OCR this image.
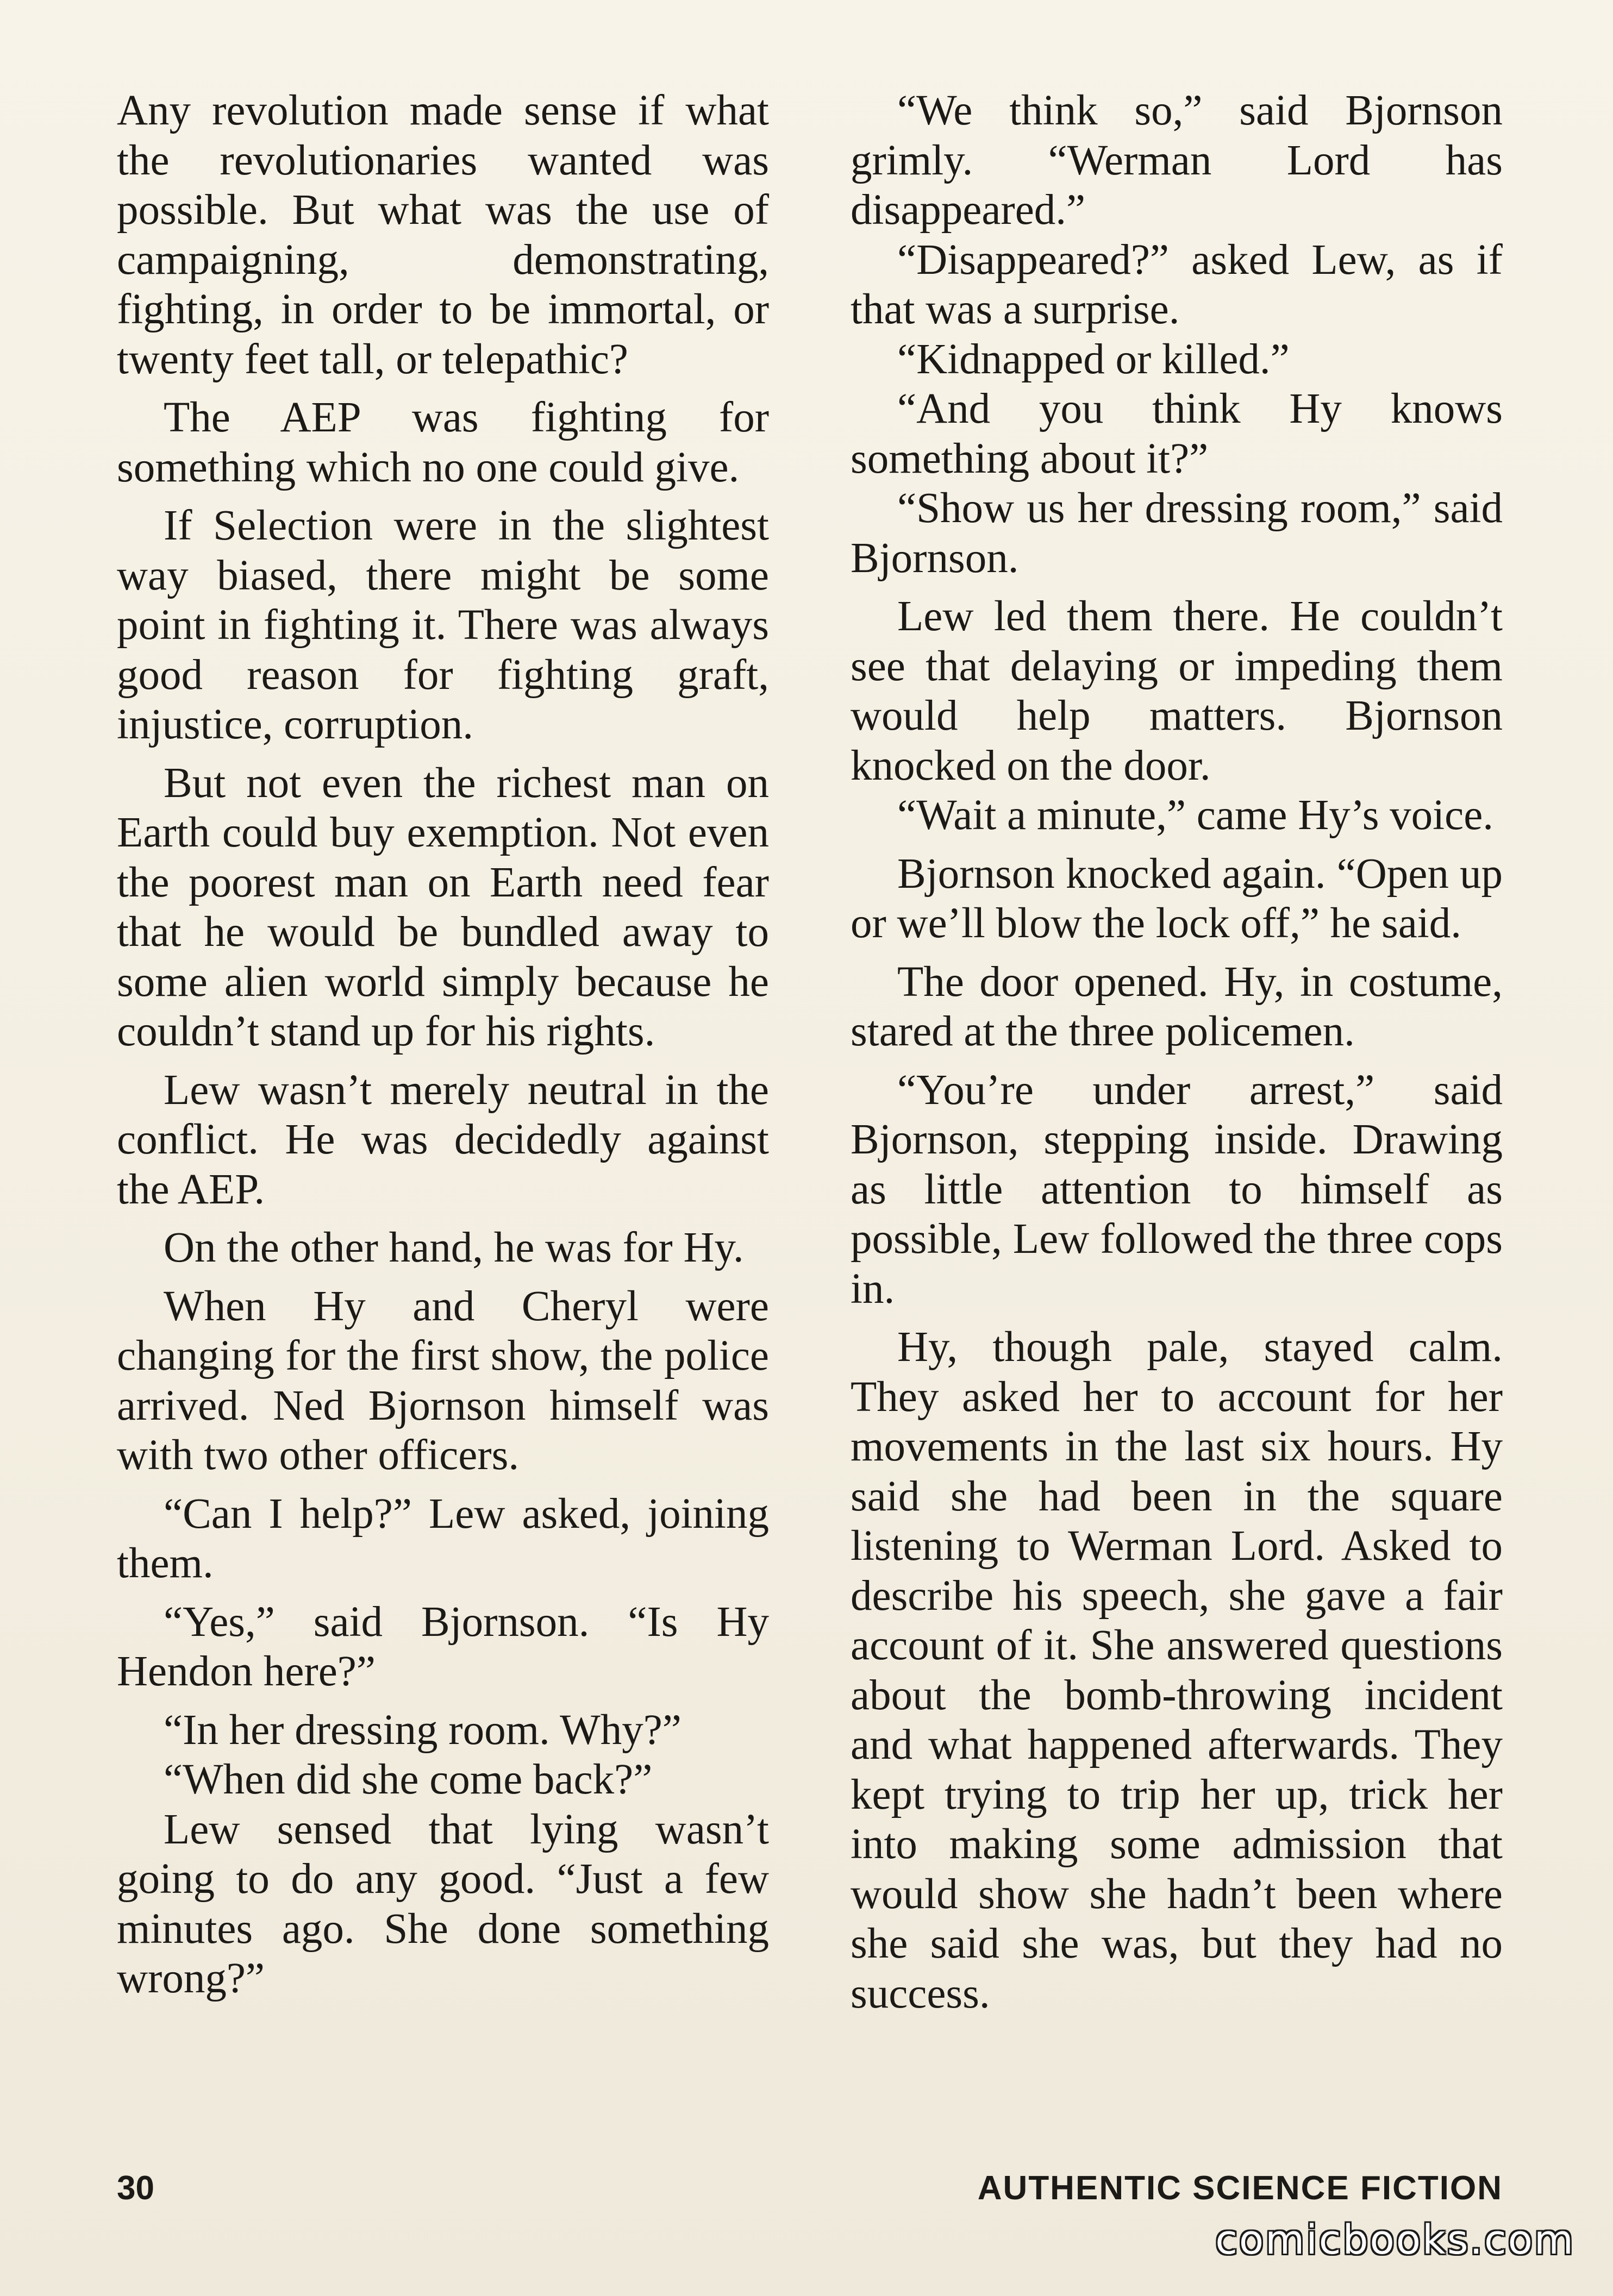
Any revolution made sense if what the revolutionaries wanted was possible. But what was the use of campaigning, demonstrating, fighting, in order to be immortal, or twenty feet tall, or telepathic?

The AEP was fighting for something which no one could give.

If Selection were in the slightest way biased, there might be some point in fighting it. There was always good reason for fighting graft, injustice, corruption.

But not even the richest man on Earth could buy exemption. Not even the poorest man on Earth need fear that he would be bundled away to some alien world simply because he couldn’t stand up for his rights.

Lew wasn’t merely neutral in the conflict. He was decidedly against the AEP.

On the other hand, he was for Hy.

When Hy and Cheryl were changing for the first show, the police arrived. Ned Bjornson himself was with two other officers.

“Can I help?” Lew asked, joining them.

“Yes,” said Bjornson. “Is Hy Hendon here?”

“In her dressing room. Why?”

“When did she come back?”

Lew sensed that lying wasn’t going to do any good. “Just a few minutes ago. She done something wrong?”

“We think so,” said Bjornson grimly. “Werman Lord has disappeared.”

“Disappeared?” asked Lew, as if that was a surprise.

“Kidnapped or killed.”

“And you think Hy knows something about it?”

“Show us her dressing room,” said Bjornson.

Lew led them there. He couldn’t see that delaying or impeding them would help matters. Bjornson knocked on the door.

“Wait a minute,” came Hy’s voice.

Bjornson knocked again. “Open up or we’ll blow the lock off,” he said.

The door opened. Hy, in costume, stared at the three policemen.

“You’re under arrest,” said Bjornson, stepping inside. Drawing as little attention to himself as possible, Lew followed the three cops in.

Hy, though pale, stayed calm. They asked her to account for her movements in the last six hours. Hy said she had been in the square listening to Werman Lord. Asked to describe his speech, she gave a fair account of it. She answered questions about the bomb-throwing incident and what happened afterwards. They kept trying to trip her up, trick her into making some admission that would show she hadn’t been where she said she was, but they had no success.

30	AUTHENTIC SCIENCE FICTION
comicbooks.com
